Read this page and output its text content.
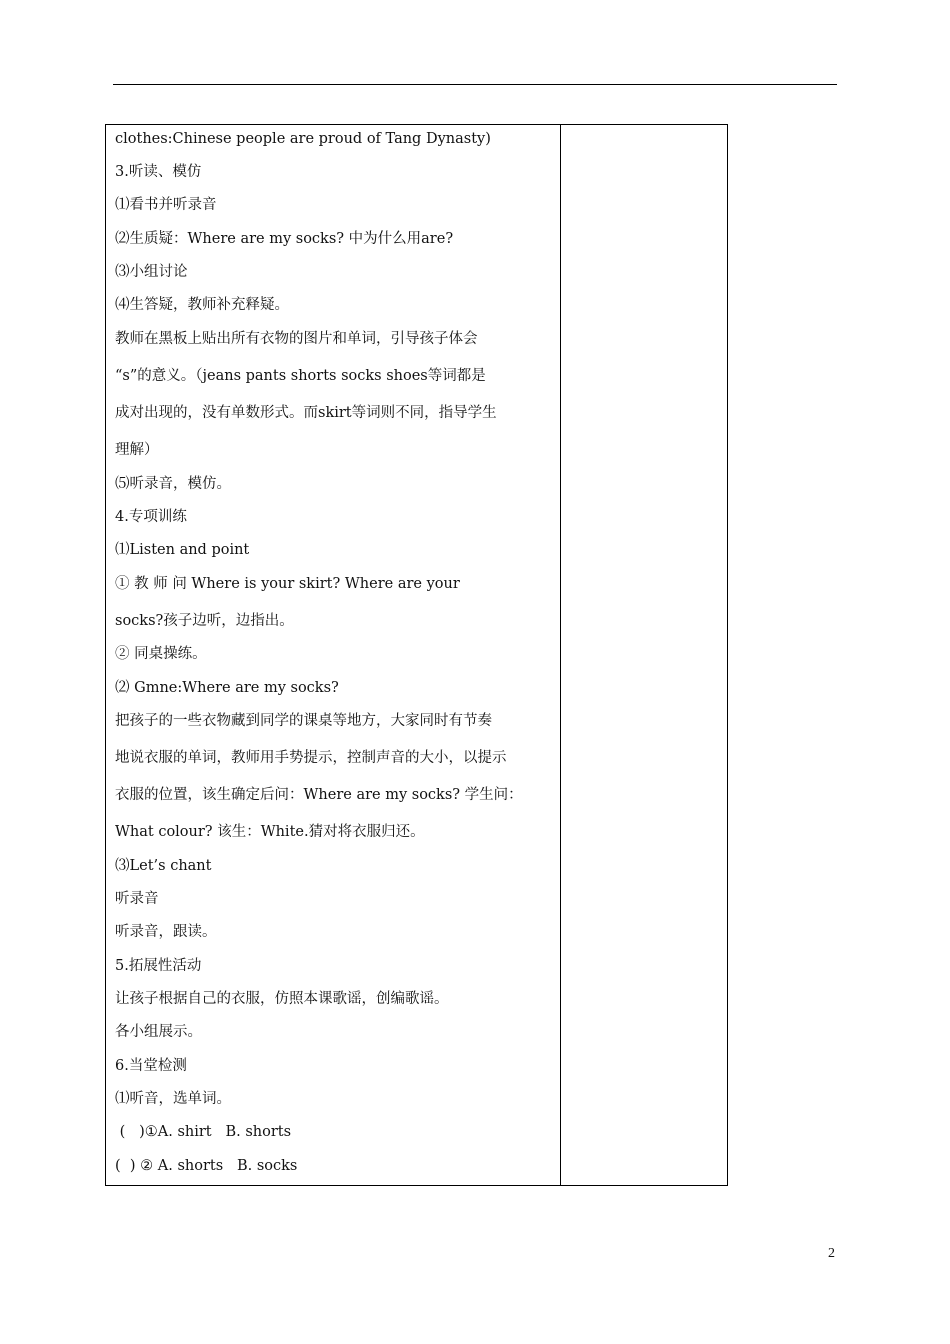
clothes:Chinese people are proud of Tang Dynasty)
3.听读、模仿
⑴看书并听录音
⑵生质疑：Where are my socks? 中为什么用are?
⑶小组讨论
⑷生答疑，教师补充释疑。
教师在黑板上贴出所有衣物的图片和单词，引导孩子体会
“s”的意义。（jeans pants shorts socks shoes等词都是
成对出现的，没有单数形式。而skirt等词则不同，指导学生
理解）
⑸听录音，模仿。
4.专项训练
⑴Listen and point
① 教 师 问 Where is your skirt? Where are your
socks?孩子边听，边指出。
② 同桌操练。
⑵ Gmne:Where are my socks?
把孩子的一些衣物藏到同学的课桌等地方，大家同时有节奏
地说衣服的单词，教师用手势提示，控制声音的大小，以提示
衣服的位置，该生确定后问：Where are my socks? 学生问：
What colour? 该生：White.猜对将衣服归还。
⑶Let’s chant
听录音
听录音，跟读。
5.拓展性活动
让孩子根据自己的衣服，仿照本课歌谣，创编歌谣。
各小组展示。
6.当堂检测
⑴听音，选单词。
(   )①A. shirt   B. shorts
(  ) ② A. shorts   B. socks
2
